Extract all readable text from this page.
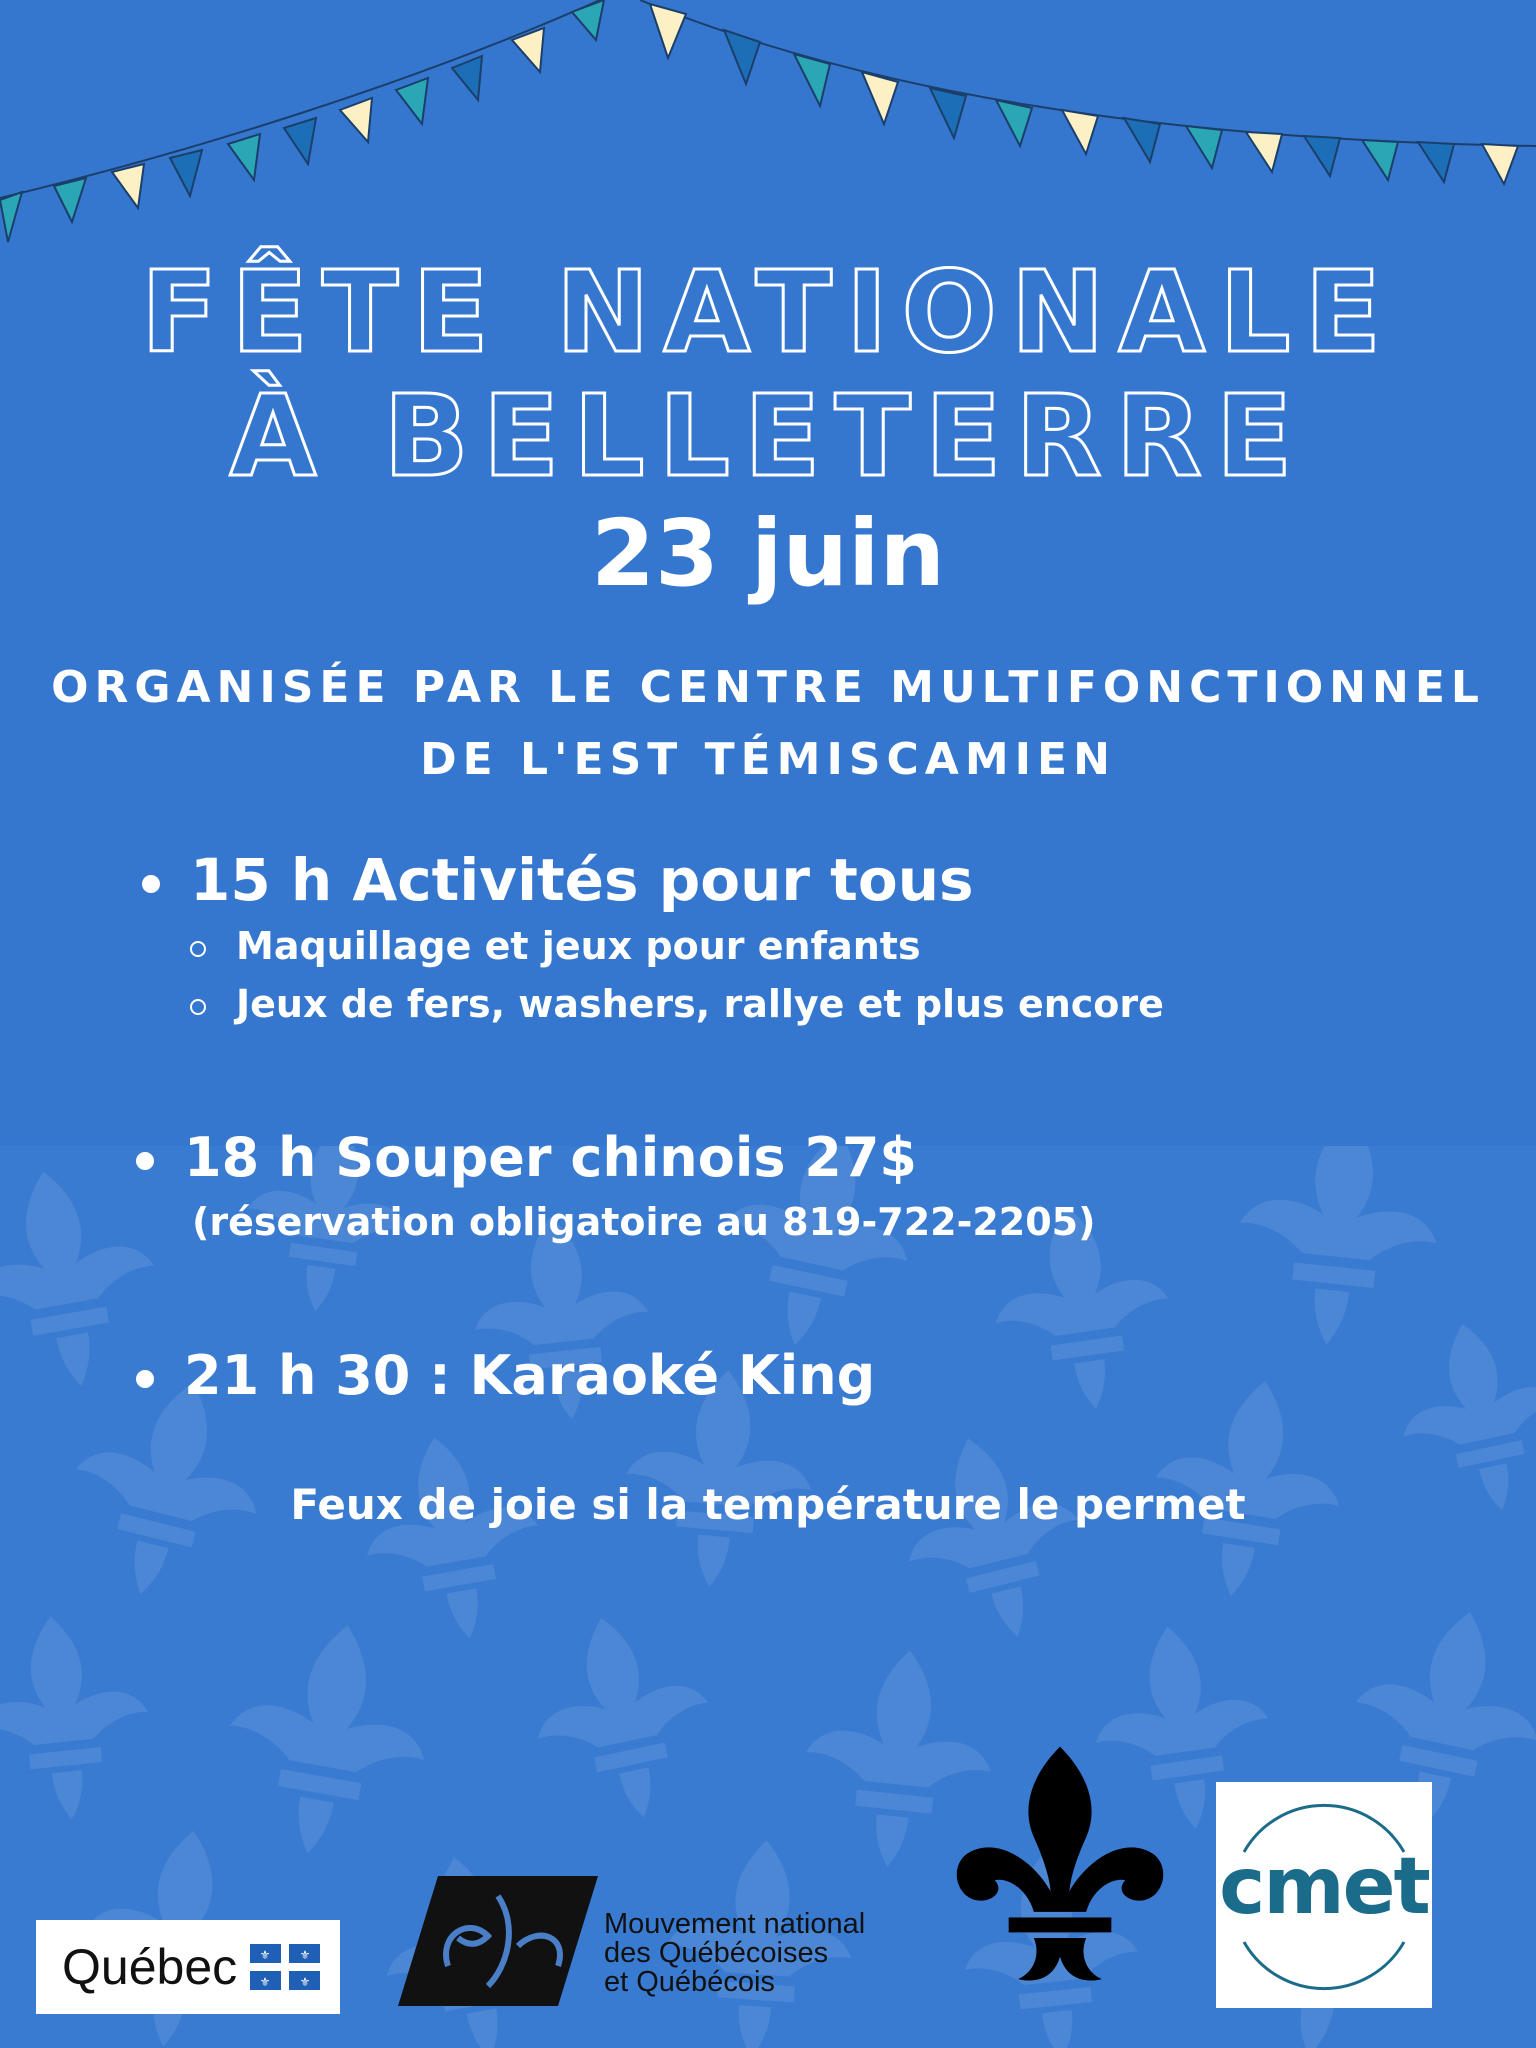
FÊTE NATIONALE
À BELLETERRE
23 juin
ORGANISÉE PAR LE CENTRE MULTIFONCTIONNEL
DE L'EST TÉMISCAMIEN
15 h Activités pour tous
Maquillage et jeux pour enfants
Jeux de fers, washers, rallye et plus encore
18 h Souper chinois 27$
(réservation obligatoire au 819-722-2205)
21 h 30 : Karaoké King
Feux de joie si la température le permet
Québec ⚜ ⚜
⚜ ⚜
Mouvement national
des Québécoises
et Québécois
cmet
